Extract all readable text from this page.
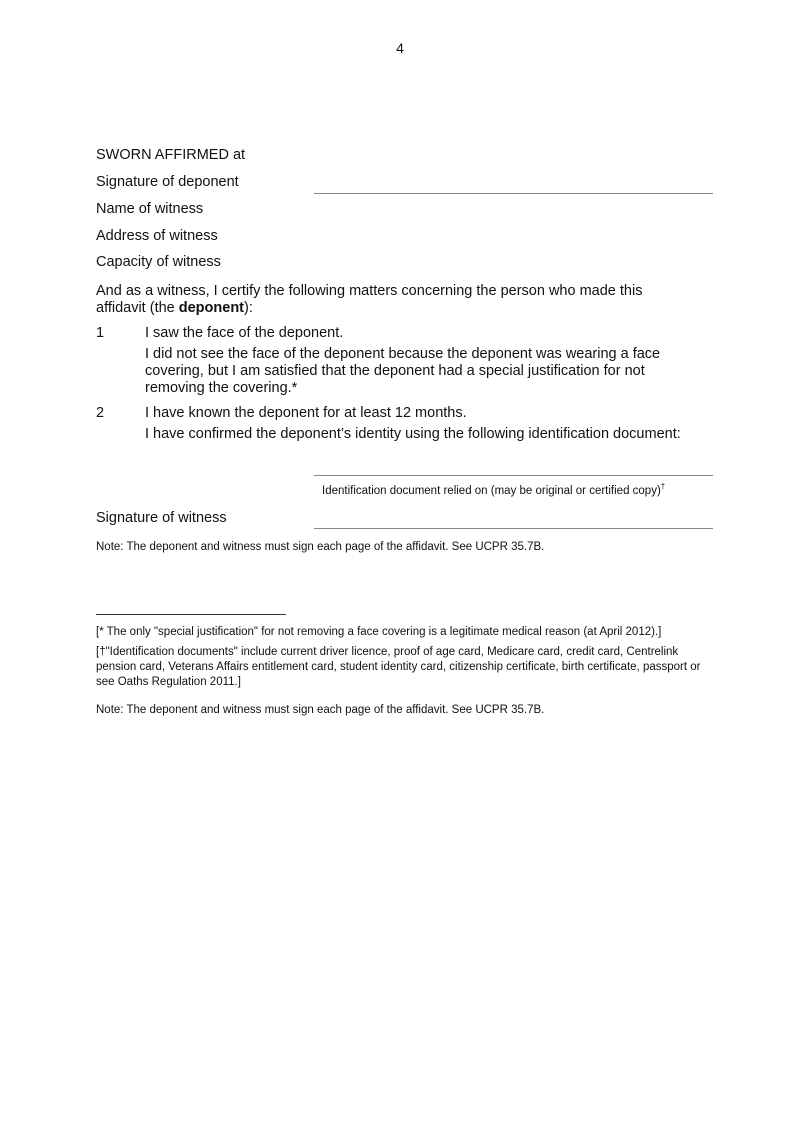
4
SWORN AFFIRMED at
Signature of deponent
Name of witness
Address of witness
Capacity of witness
And as a witness, I certify the following matters concerning the person who made this affidavit (the deponent):
1	I saw the face of the deponent.
I did not see the face of the deponent because the deponent was wearing a face covering, but I am satisfied that the deponent had a special justification for not removing the covering.*
2	I have known the deponent for at least 12 months.
I have confirmed the deponent’s identity using the following identification document:
Identification document relied on (may be original or certified copy)†
Signature of witness
Note: The deponent and witness must sign each page of the affidavit. See UCPR 35.7B.
[* The only "special justification" for not removing a face covering is a legitimate medical reason (at April 2012).]
[†"Identification documents" include current driver licence, proof of age card, Medicare card, credit card, Centrelink pension card, Veterans Affairs entitlement card, student identity card, citizenship certificate, birth certificate, passport or see Oaths Regulation 2011.]
Note: The deponent and witness must sign each page of the affidavit. See UCPR 35.7B.
